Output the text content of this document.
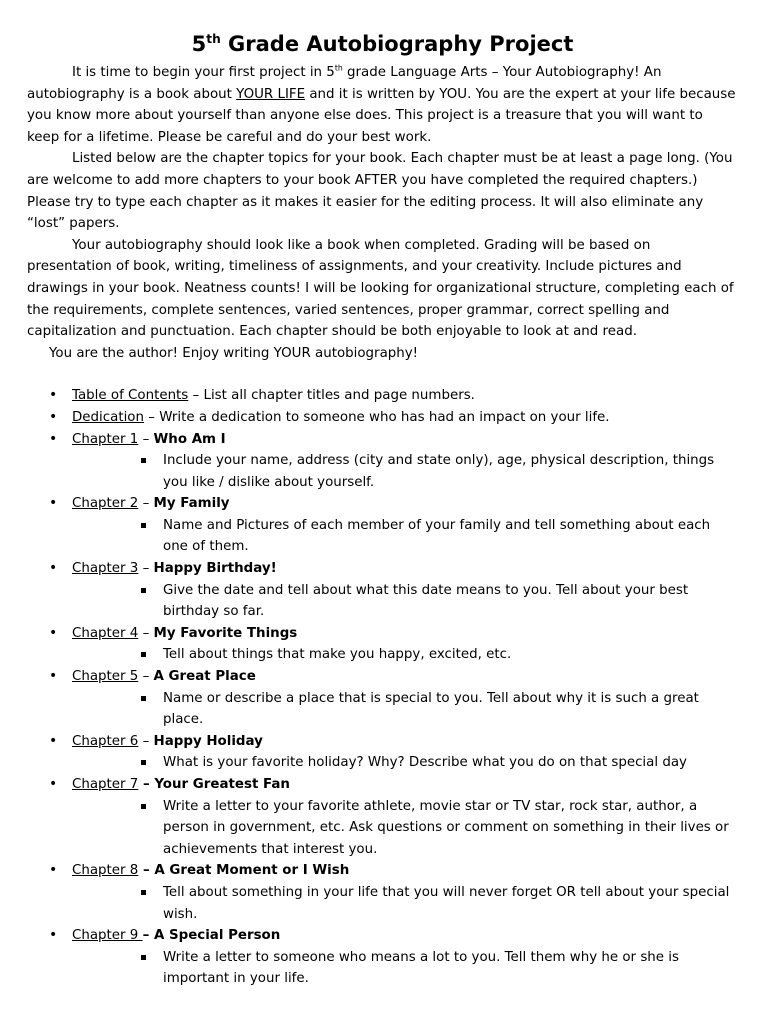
5th Grade Autobiography Project

It is time to begin your first project in 5th grade Language Arts – Your Autobiography! An autobiography is a book about YOUR LIFE and it is written by YOU. You are the expert at your life because you know more about yourself than anyone else does. This project is a treasure that you will want to keep for a lifetime. Please be careful and do your best work.

Listed below are the chapter topics for your book. Each chapter must be at least a page long. (You are welcome to add more chapters to your book AFTER you have completed the required chapters.) Please try to type each chapter as it makes it easier for the editing process. It will also eliminate any “lost” papers.

Your autobiography should look like a book when completed. Grading will be based on presentation of book, writing, timeliness of assignments, and your creativity. Include pictures and drawings in your book. Neatness counts! I will be looking for organizational structure, completing each of the requirements, complete sentences, varied sentences, proper grammar, correct spelling and capitalization and punctuation. Each chapter should be both enjoyable to look at and read.

You are the author! Enjoy writing YOUR autobiography!

• Table of Contents – List all chapter titles and page numbers.
• Dedication – Write a dedication to someone who has had an impact on your life.
• Chapter 1 – Who Am I
Include your name, address (city and state only), age, physical description, things you like / dislike about yourself.
• Chapter 2 – My Family
Name and Pictures of each member of your family and tell something about each one of them.
• Chapter 3 – Happy Birthday!
Give the date and tell about what this date means to you. Tell about your best birthday so far.
• Chapter 4 – My Favorite Things
Tell about things that make you happy, excited, etc.
• Chapter 5 – A Great Place
Name or describe a place that is special to you. Tell about why it is such a great place.
• Chapter 6 – Happy Holiday
What is your favorite holiday? Why? Describe what you do on that special day
• Chapter 7 – Your Greatest Fan
Write a letter to your favorite athlete, movie star or TV star, rock star, author, a person in government, etc. Ask questions or comment on something in their lives or achievements that interest you.
• Chapter 8 – A Great Moment or I Wish
Tell about something in your life that you will never forget OR tell about your special wish.
• Chapter 9 – A Special Person
Write a letter to someone who means a lot to you. Tell them why he or she is important in your life.
